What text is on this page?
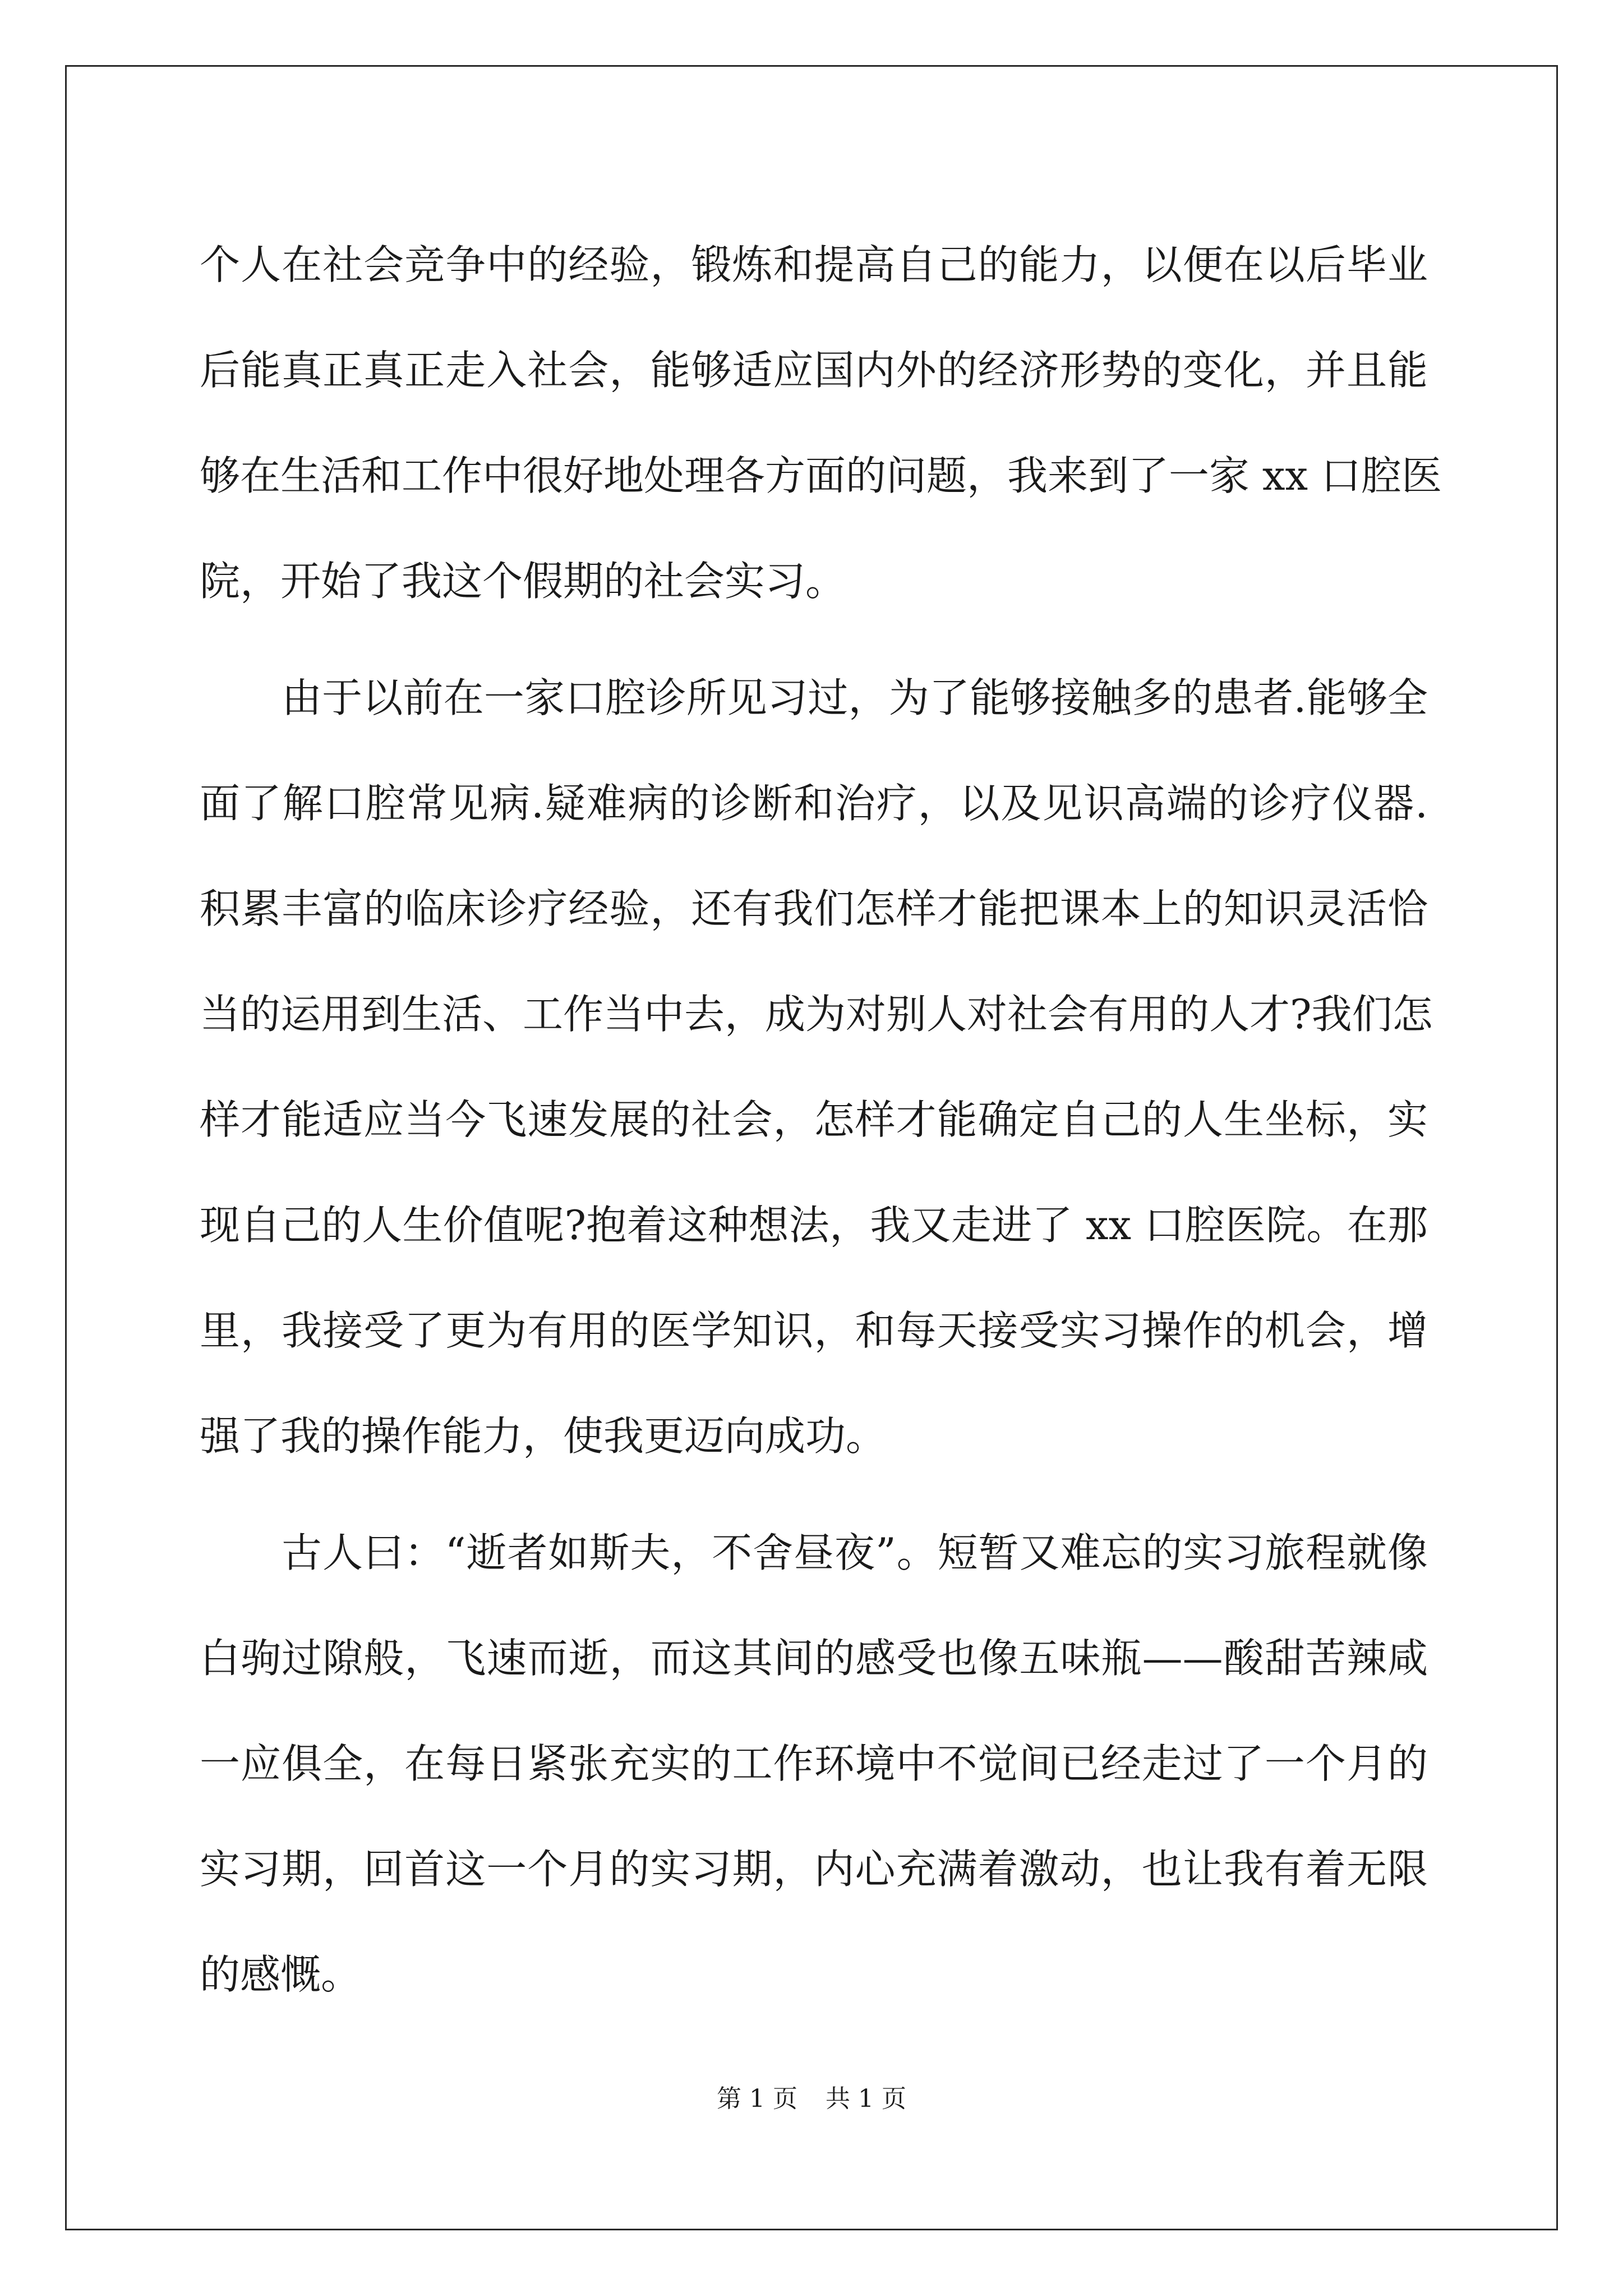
个人在社会竞争中的经验，锻炼和提高自己的能力，以便在以后毕业
后能真正真正走入社会，能够适应国内外的经济形势的变化，并且能
够在生活和工作中很好地处理各方面的问题，我来到了一家 xx 口腔医
院，开始了我这个假期的社会实习。
由于以前在一家口腔诊所见习过，为了能够接触多的患者.能够全
面了解口腔常见病.疑难病的诊断和治疗，以及见识高端的诊疗仪器.
积累丰富的临床诊疗经验，还有我们怎样才能把课本上的知识灵活恰
当的运用到生活、工作当中去，成为对别人对社会有用的人才?我们怎
样才能适应当今飞速发展的社会，怎样才能确定自己的人生坐标，实
现自己的人生价值呢?抱着这种想法，我又走进了 xx 口腔医院。在那
里，我接受了更为有用的医学知识，和每天接受实习操作的机会，增
强了我的操作能力，使我更迈向成功。
古人曰：“逝者如斯夫，不舍昼夜”。短暂又难忘的实习旅程就像
白驹过隙般，飞速而逝，而这其间的感受也像五味瓶——酸甜苦辣咸
一应俱全，在每日紧张充实的工作环境中不觉间已经走过了一个月的
实习期，回首这一个月的实习期，内心充满着激动，也让我有着无限
的感慨。
第 1 页 共 1 页
